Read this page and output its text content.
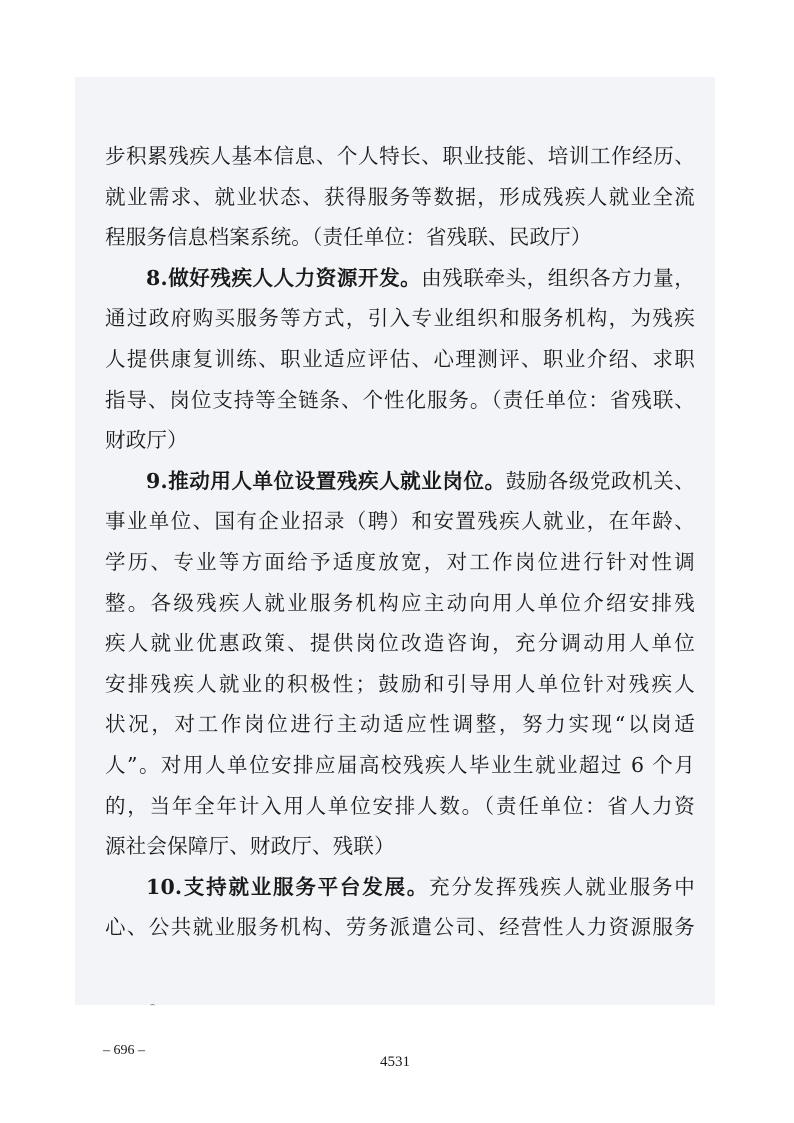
步积累残疾人基本信息、个人特长、职业技能、培训工作经历、
就业需求、就业状态、获得服务等数据，形成残疾人就业全流
程服务信息档案系统。（责任单位：省残联、民政厅）
8.做好残疾人人力资源开发。由残联牵头，组织各方力量，
通过政府购买服务等方式，引入专业组织和服务机构，为残疾
人提供康复训练、职业适应评估、心理测评、职业介绍、求职
指导、岗位支持等全链条、个性化服务。（责任单位：省残联、
财政厅）
9.推动用人单位设置残疾人就业岗位。鼓励各级党政机关、
事业单位、国有企业招录（聘）和安置残疾人就业，在年龄、
学历、专业等方面给予适度放宽，对工作岗位进行针对性调
整。各级残疾人就业服务机构应主动向用人单位介绍安排残
疾人就业优惠政策、提供岗位改造咨询，充分调动用人单位
安排残疾人就业的积极性；鼓励和引导用人单位针对残疾人
状况，对工作岗位进行主动适应性调整，努力实现“以岗适
人”。对用人单位安排应届高校残疾人毕业生就业超过 6 个月
的，当年全年计入用人单位安排人数。（责任单位：省人力资
源社会保障厅、财政厅、残联）
10.支持就业服务平台发展。充分发挥残疾人就业服务中
心、公共就业服务机构、劳务派遣公司、经营性人力资源服务
– 696 –
4531
